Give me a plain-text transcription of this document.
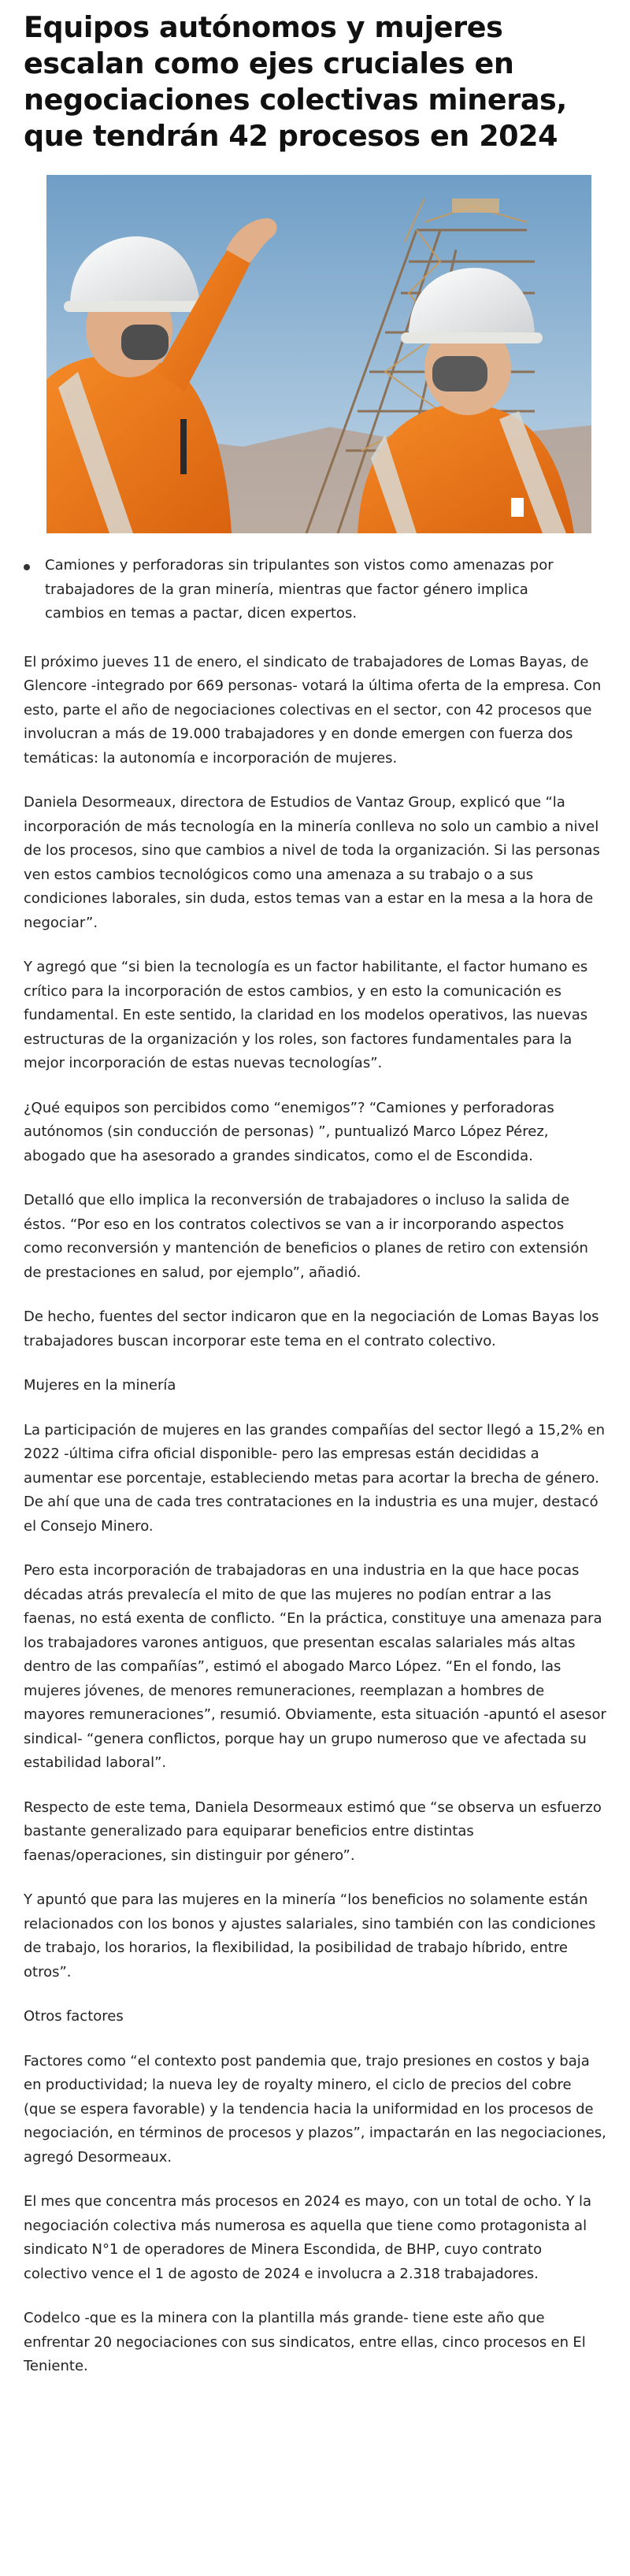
Equipos autónomos y mujeres escalan como ejes cruciales en negociaciones colectivas mineras, que tendrán 42 procesos en 2024
Camiones y perforadoras sin tripulantes son vistos como amenazas por trabajadores de la gran minería, mientras que factor género implica cambios en temas a pactar, dicen expertos.

El próximo jueves 11 de enero, el sindicato de trabajadores de Lomas Bayas, de Glencore -integrado por 669 personas- votará la última oferta de la empresa. Con esto, parte el año de negociaciones colectivas en el sector, con 42 procesos que involucran a más de 19.000 trabajadores y en donde emergen con fuerza dos temáticas: la autonomía e incorporación de mujeres.

Daniela Desormeaux, directora de Estudios de Vantaz Group, explicó que “la incorporación de más tecnología en la minería conlleva no solo un cambio a nivel de los procesos, sino que cambios a nivel de toda la organización. Si las personas ven estos cambios tecnológicos como una amenaza a su trabajo o a sus condiciones laborales, sin duda, estos temas van a estar en la mesa a la hora de negociar”.

Y agregó que “si bien la tecnología es un factor habilitante, el factor humano es crítico para la incorporación de estos cambios, y en esto la comunicación es fundamental. En este sentido, la claridad en los modelos operativos, las nuevas estructuras de la organización y los roles, son factores fundamentales para la mejor incorporación de estas nuevas tecnologías”.

¿Qué equipos son percibidos como “enemigos”? “Camiones y perforadoras autónomos (sin conducción de personas) ”, puntualizó Marco López Pérez, abogado que ha asesorado a grandes sindicatos, como el de Escondida.

Detalló que ello implica la reconversión de trabajadores o incluso la salida de éstos. “Por eso en los contratos colectivos se van a ir incorporando aspectos como reconversión y mantención de beneficios o planes de retiro con extensión de prestaciones en salud, por ejemplo”, añadió.

De hecho, fuentes del sector indicaron que en la negociación de Lomas Bayas los trabajadores buscan incorporar este tema en el contrato colectivo.

Mujeres en la minería

La participación de mujeres en las grandes compañías del sector llegó a 15,2% en 2022 -última cifra oficial disponible- pero las empresas están decididas a aumentar ese porcentaje, estableciendo metas para acortar la brecha de género. De ahí que una de cada tres contrataciones en la industria es una mujer, destacó el Consejo Minero.

Pero esta incorporación de trabajadoras en una industria en la que hace pocas décadas atrás prevalecía el mito de que las mujeres no podían entrar a las faenas, no está exenta de conflicto. “En la práctica, constituye una amenaza para los trabajadores varones antiguos, que presentan escalas salariales más altas dentro de las compañías”, estimó el abogado Marco López. “En el fondo, las mujeres jóvenes, de menores remuneraciones, reemplazan a hombres de mayores remuneraciones”, resumió. Obviamente, esta situación -apuntó el asesor sindical- “genera conflictos, porque hay un grupo numeroso que ve afectada su estabilidad laboral”.

Respecto de este tema, Daniela Desormeaux estimó que “se observa un esfuerzo bastante generalizado para equiparar beneficios entre distintas faenas/operaciones, sin distinguir por género”.

Y apuntó que para las mujeres en la minería “los beneficios no solamente están relacionados con los bonos y ajustes salariales, sino también con las condiciones de trabajo, los horarios, la flexibilidad, la posibilidad de trabajo híbrido, entre otros”.

Otros factores

Factores como “el contexto post pandemia que, trajo presiones en costos y baja en productividad; la nueva ley de royalty minero, el ciclo de precios del cobre (que se espera favorable) y la tendencia hacia la uniformidad en los procesos de negociación, en términos de procesos y plazos”, impactarán en las negociaciones, agregó Desormeaux.

El mes que concentra más procesos en 2024 es mayo, con un total de ocho. Y la negociación colectiva más numerosa es aquella que tiene como protagonista al sindicato N°1 de operadores de Minera Escondida, de BHP, cuyo contrato colectivo vence el 1 de agosto de 2024 e involucra a 2.318 trabajadores.

Codelco -que es la minera con la plantilla más grande- tiene este año que enfrentar 20 negociaciones con sus sindicatos, entre ellas, cinco procesos en El Teniente.
